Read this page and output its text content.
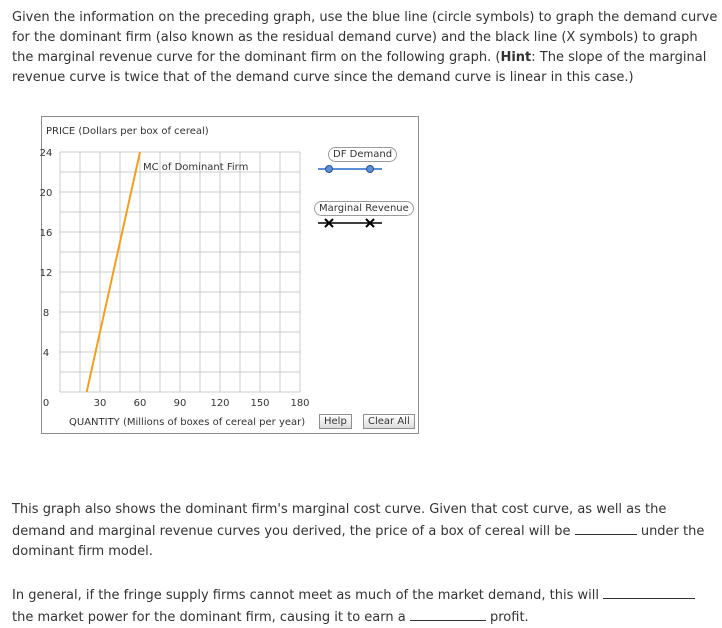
Given the information on the preceding graph, use the blue line (circle symbols) to graph the demand curve for the dominant firm (also known as the residual demand curve) and the black line (X symbols) to graph the marginal revenue curve for the dominant firm on the following graph. (Hint: The slope of the marginal revenue curve is twice that of the demand curve since the demand curve is linear in this case.)
PRICE (Dollars per box of cereal)
24
20
16
12
8
4
0	30	60	90 120 150 180
MC of Dominant Firm
QUANTITY (Millions of boxes of cereal per year)
DF Demand
Marginal Revenue
Help	Clear All
This graph also shows the dominant firm's marginal cost curve. Given that cost curve, as well as the demand and marginal revenue curves you derived, the price of a box of cereal will be	under the dominant firm model.
In general, if the fringe supply firms cannot meet as much of the market demand, this will  the market power for the dominant firm, causing it to earn a	profit.
